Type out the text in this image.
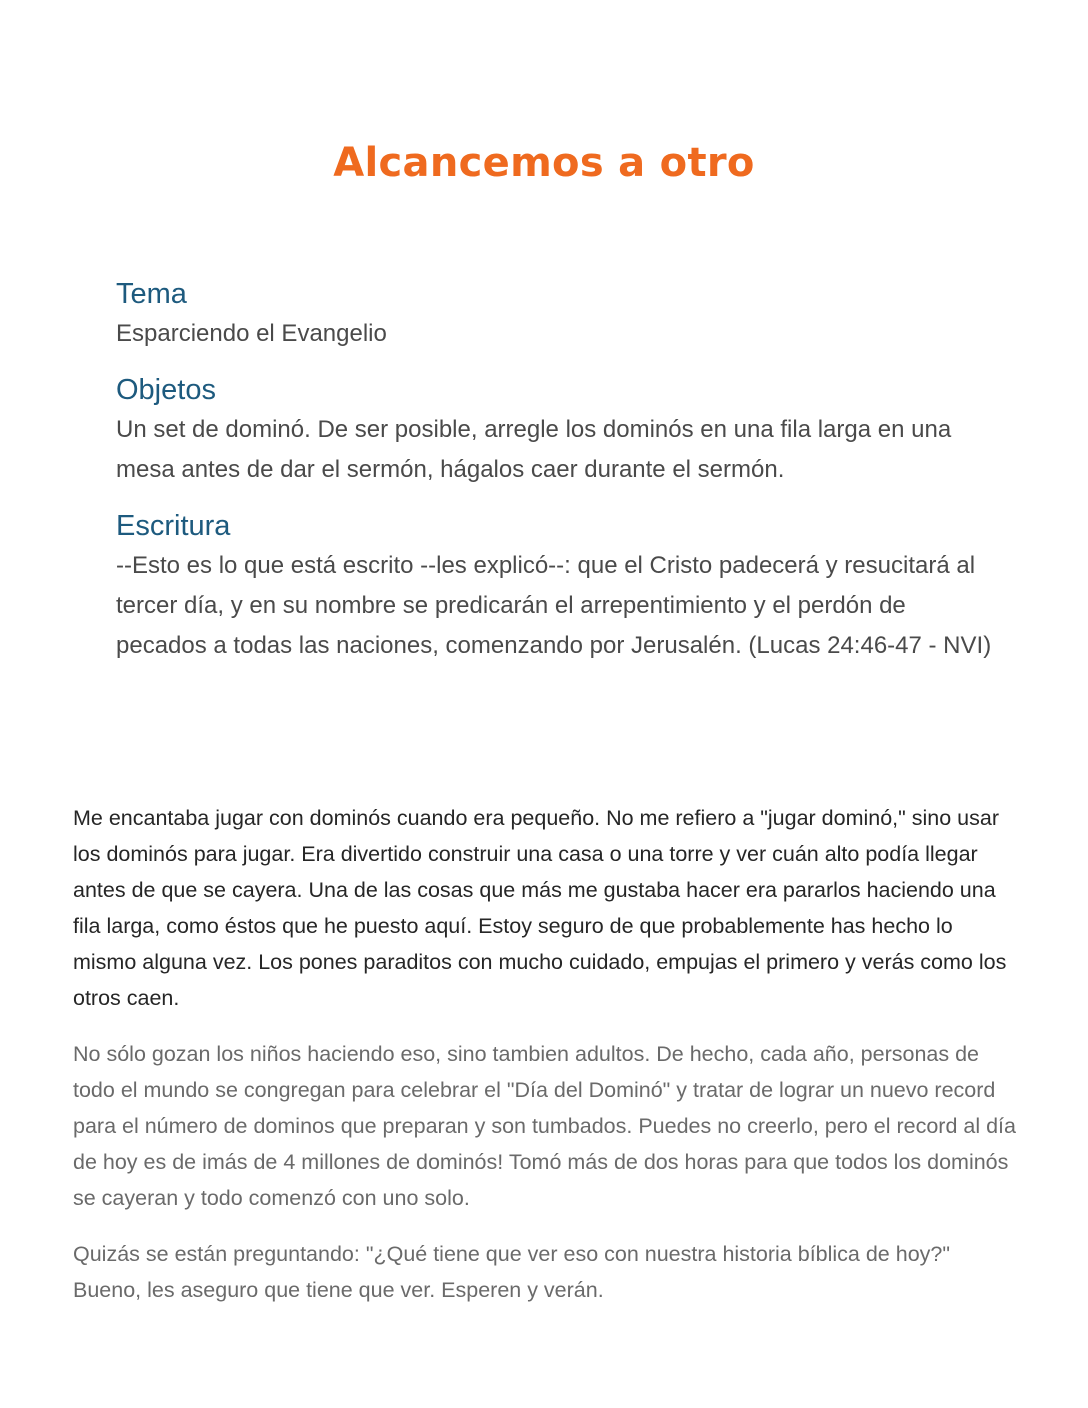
Alcancemos a otro
Tema

Esparciendo el Evangelio

Objetos

Un set de dominó. De ser posible, arregle los dominós en una fila larga en una mesa antes de dar el sermón, hágalos caer durante el sermón.

Escritura

--Esto es lo que está escrito --les explicó--: que el Cristo padecerá y resucitará al tercer día, y en su nombre se predicarán el arrepentimiento y el perdón de pecados a todas las naciones, comenzando por Jerusalén. (Lucas 24:46-47 - NVI)

Me encantaba jugar con dominós cuando era pequeño. No me refiero a "jugar dominó," sino usar los dominós para jugar. Era divertido construir una casa o una torre y ver cuán alto podía llegar antes de que se cayera. Una de las cosas que más me gustaba hacer era pararlos haciendo una fila larga, como éstos que he puesto aquí. Estoy seguro de que probablemente has hecho lo mismo alguna vez. Los pones paraditos con mucho cuidado, empujas el primero y verás como los otros caen.

No sólo gozan los niños haciendo eso, sino tambien adultos. De hecho, cada año, personas de todo el mundo se congregan para celebrar el "Día del Dominó" y tratar de lograr un nuevo record para el número de dominos que preparan y son tumbados. Puedes no creerlo, pero el record al día de hoy es de imás de 4 millones de dominós! Tomó más de dos horas para que todos los dominós se cayeran y todo comenzó con uno solo.

Quizás se están preguntando: "¿Qué tiene que ver eso con nuestra historia bíblica de hoy?" Bueno, les aseguro que tiene que ver. Esperen y verán.
